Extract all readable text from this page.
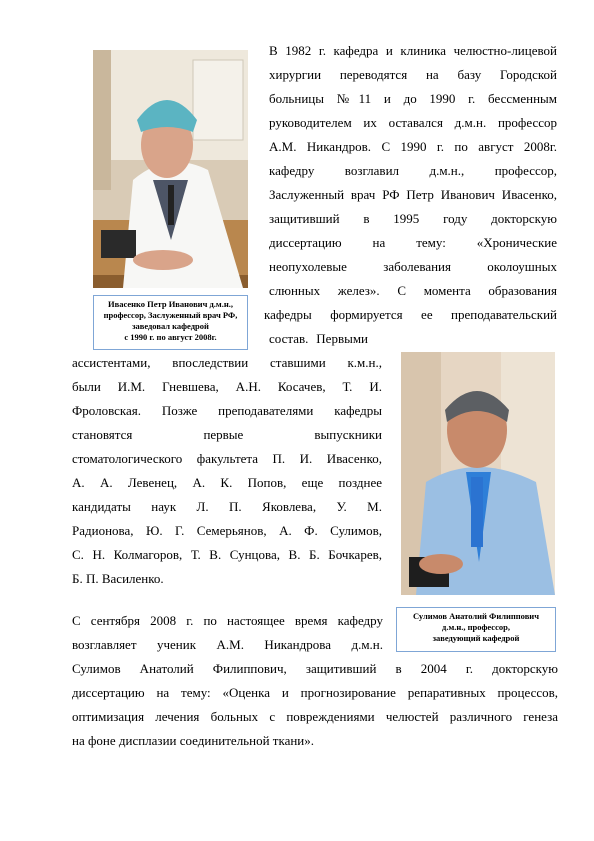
Ивасенко Петр Иванович д.м.н.,
профессор, Заслуженный врач РФ,
заведовал кафедрой
с 1990 г. по август 2008г.
Сулимов Анатолий Филиппович
д.м.н., профессор,
заведующий кафедрой
В 1982 г. кафедра и клиника челюстно-лицевой
хирургии переводятся на базу Городской
больницы №11 и до 1990 г. бессменным
руководителем их оставался д.м.н. профессор
А.М. Никандров. С 1990 г. по август 2008г.
кафедру возглавил д.м.н., профессор,
Заслуженный врач РФ Петр Иванович Ивасенко,
защитивший в 1995 году докторскую
диссертацию на тему: «Хронические
неопухолевые заболевания околоушных
слюнных желез». С момента образования
кафедры формируется ее преподавательский
состав. Первыми
ассистентами, впоследствии ставшими к.м.н.,
были И.М. Гневшева, А.Н. Косачев, Т. И.
Фроловская. Позже преподавателями кафедры
становятся первые выпускники
стоматологического факультета П. И. Ивасенко,
А. А. Левенец, А. К. Попов, еще позднее
кандидаты наук Л. П. Яковлева, У. М.
Радионова, Ю. Г. Семерьянов, А. Ф. Сулимов,
С. Н. Колмагоров, Т. В. Сунцова, В. Б. Бочкарев,
Б. П. Василенко.
С сентября 2008 г. по настоящее время кафедру
возглавляет ученик А.М. Никандрова д.м.н.
Сулимов Анатолий Филиппович, защитивший в 2004 г. докторскую
диссертацию на тему: «Оценка и прогнозирование репаративных процессов,
оптимизация лечения больных с повреждениями челюстей различного генеза
на фоне дисплазии соединительной ткани».
